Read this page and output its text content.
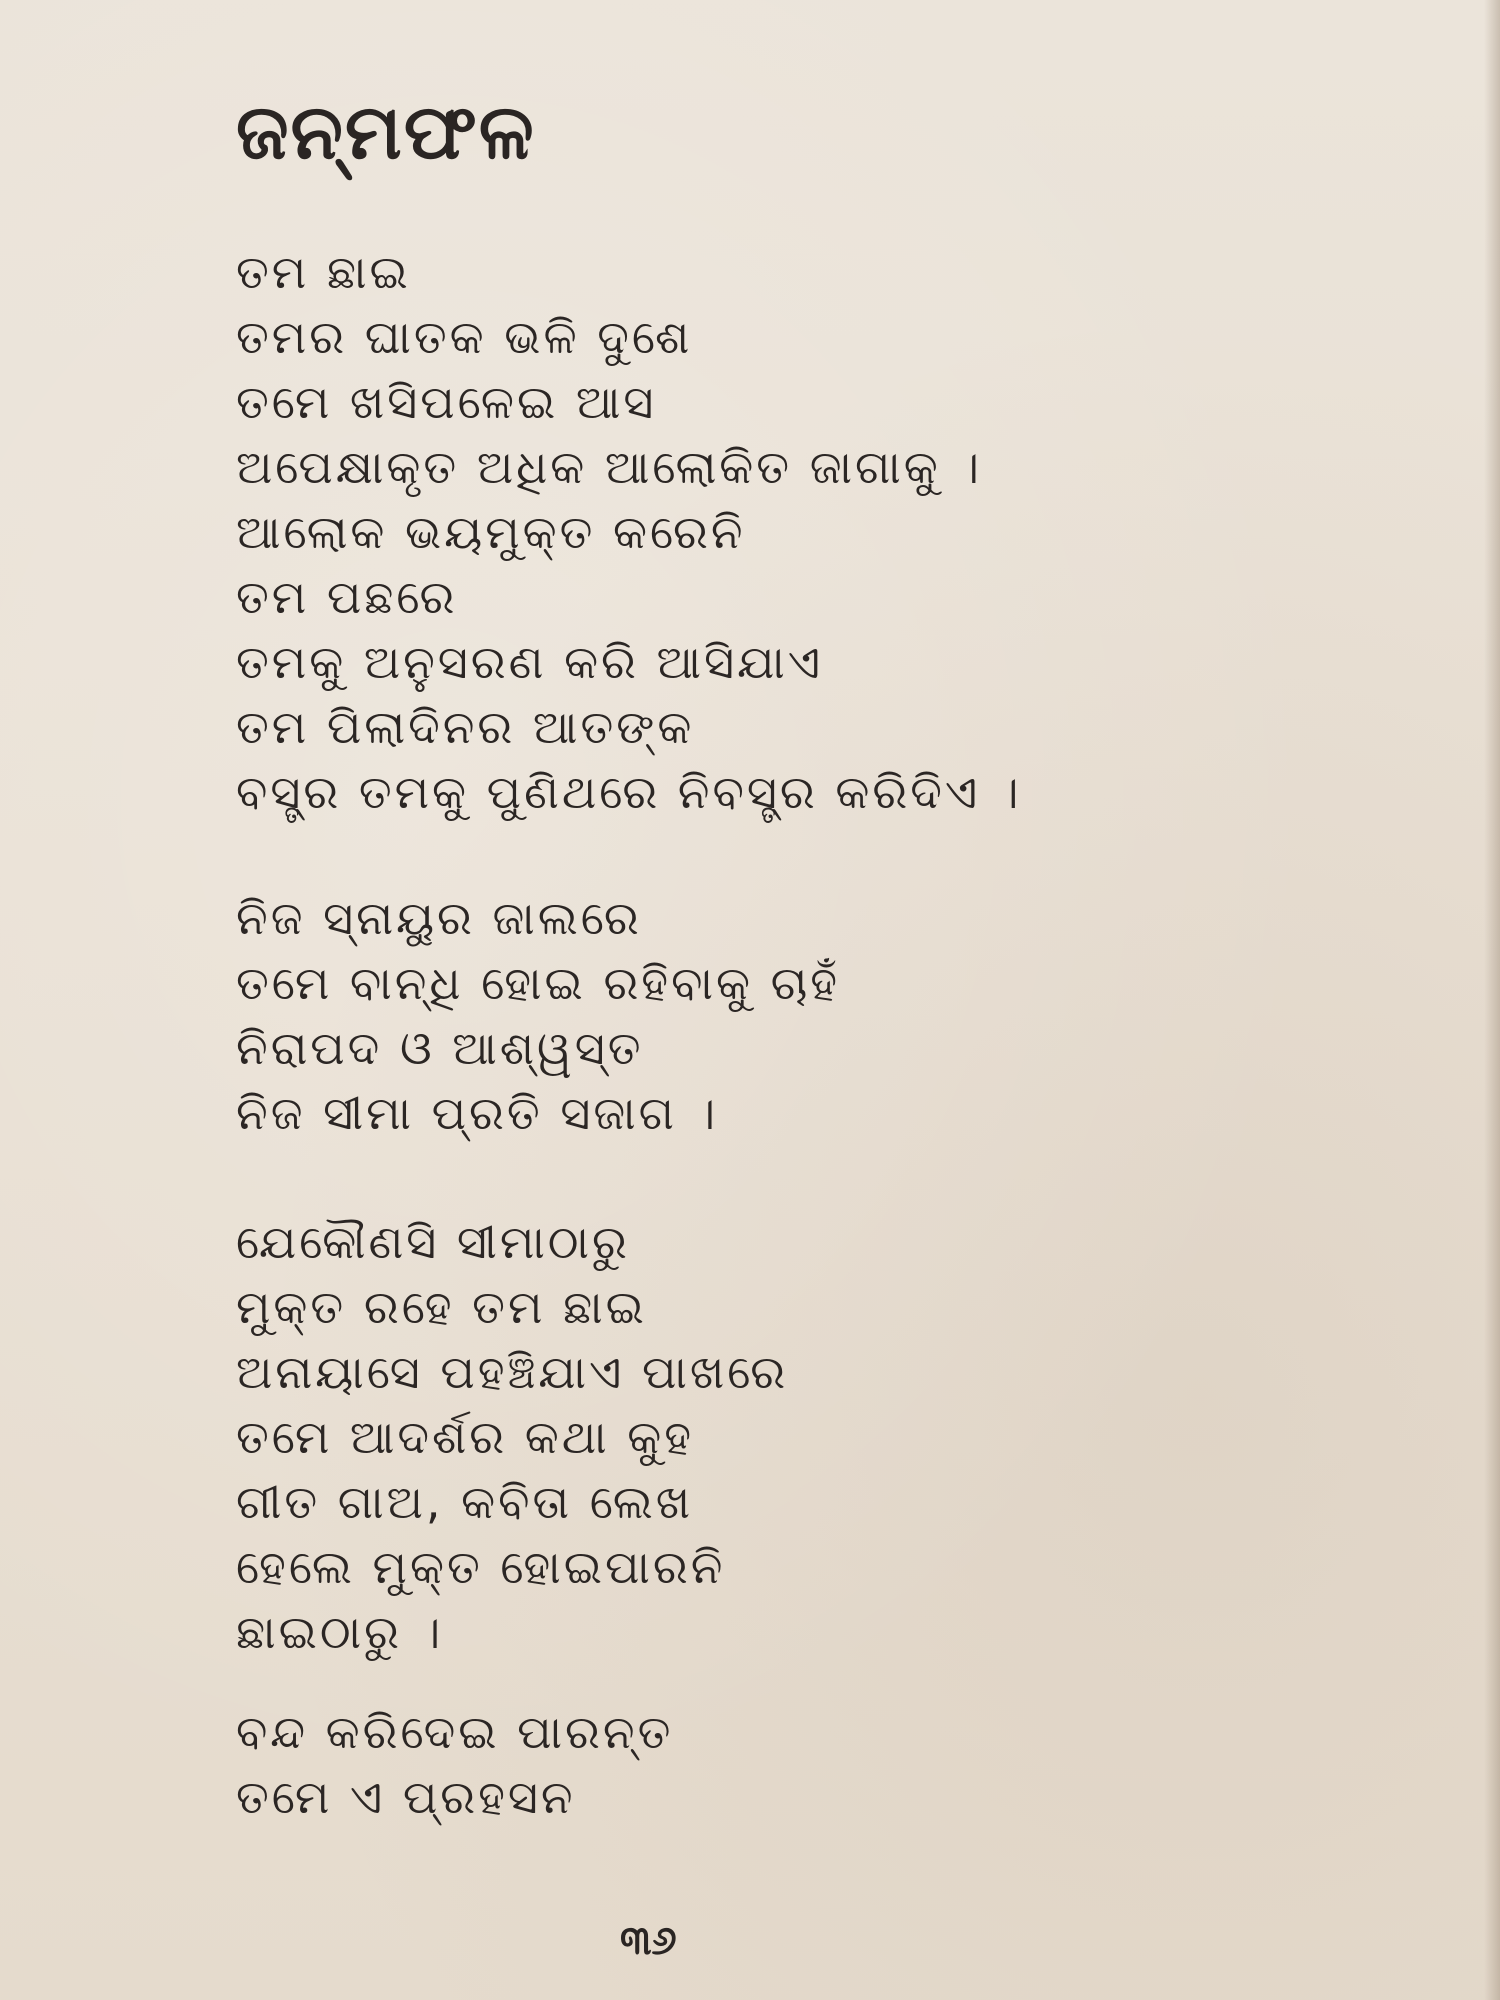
ଜନ୍ମଫଳ
ତମ ଛାଇ
ତମର ଘାତକ ଭଳି ଦୁଶେ
ତମେ ଖସିପଳେଇ ଆସ
ଅପେକ୍ଷାକୃତ ଅଧିକ ଆଲୋକିତ ଜାଗାକୁ ।
ଆଲୋକ ଭୟମୁକ୍ତ କରେନି
ତମ ପଛରେ
ତମକୁ ଅନୁସରଣ କରି ଆସିଯାଏ
ତମ ପିଲାଦିନର ଆତଙ୍କ
ବସ୍ତ୍ର ତମକୁ ପୁଣିଥରେ ନିବସ୍ତ୍ର କରିଦିଏ ।
ନିଜ ସ୍ନାୟୁର ଜାଲରେ
ତମେ ବାନ୍ଧି ହୋଇ ରହିବାକୁ ଚାହଁ
ନିରାପଦ ଓ ଆଶ୍ୱସ୍ତ
ନିଜ ସୀମା ପ୍ରତି ସଜାଗ ।
ଯେକୌଣସି ସୀମାଠାରୁ
ମୁକ୍ତ ରହେ ତମ ଛାଇ
ଅନାୟାସେ ପହଞ୍ଚିଯାଏ ପାଖରେ
ତମେ ଆଦର୍ଶର କଥା କୁହ
ଗୀତ ଗାଅ, କବିତା ଲେଖ
ହେଲେ ମୁକ୍ତ ହୋଇପାରନି
ଛାଇଠାରୁ ।
ବନ୍ଦ କରିଦେଇ ପାରନ୍ତ
ତମେ ଏ ପ୍ରହସନ
୩୬
